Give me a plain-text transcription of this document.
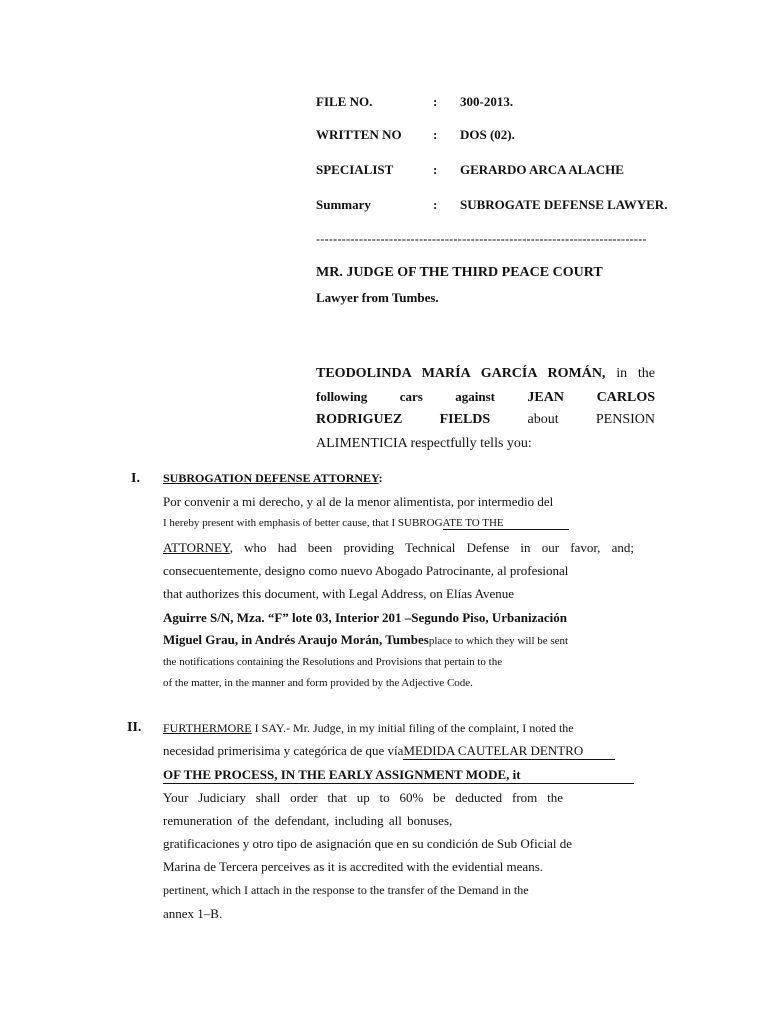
FILE NO.	: 300-2013.
WRITTEN NO : DOS (02).
SPECIALIST	: GERARDO ARCA ALACHE
Summary	: SUBROGATE DEFENSE LAWYER.
-----------------------------------------------------------------------------
MR. JUDGE OF THE THIRD PEACE COURT
Lawyer from Tumbes.
TEODOLINDA MARÍA GARCÍA ROMÁN, in the
following cars against JEAN CARLOS
RODRIGUEZ FIELDS	about	PENSION
ALIMENTICIA respectfully tells you:
I. SUBROGATION DEFENSE ATTORNEY:
Por convenir a mi derecho, y al de la menor alimentista, por intermedio del
I hereby present with emphasis of better cause, that I SUBROGATE TO THE
ATTORNEY, who had been providing Technical Defense in our favor, and;
consecuentemente, designo como nuevo Abogado Patrocinante, al profesional
that authorizes this document, with Legal Address, on Elías Avenue
Aguirre S/N, Mza. “F” lote 03, Interior 201 –Segundo Piso, Urbanización
Miguel Grau, in Andrés Araujo Morán, Tumbesplace to which they will be sent
the notifications containing the Resolutions and Provisions that pertain to the
of the matter, in the manner and form provided by the Adjective Code.
II. FURTHERMORE I SAY.- Mr. Judge, in my initial filing of the complaint, I noted the
necesidad primerisima y categórica de que víaMEDIDA CAUTELAR DENTRO
OF THE PROCESS, IN THE EARLY ASSIGNMENT MODE, it
Your Judiciary shall order that up to 60% be deducted from the
remuneration of the defendant, including all bonuses,
gratificaciones y otro tipo de asignación que en su condición de Sub Oficial de
Marina de Tercera perceives as it is accredited with the evidential means.
pertinent, which I attach in the response to the transfer of the Demand in the
annex 1–B.
